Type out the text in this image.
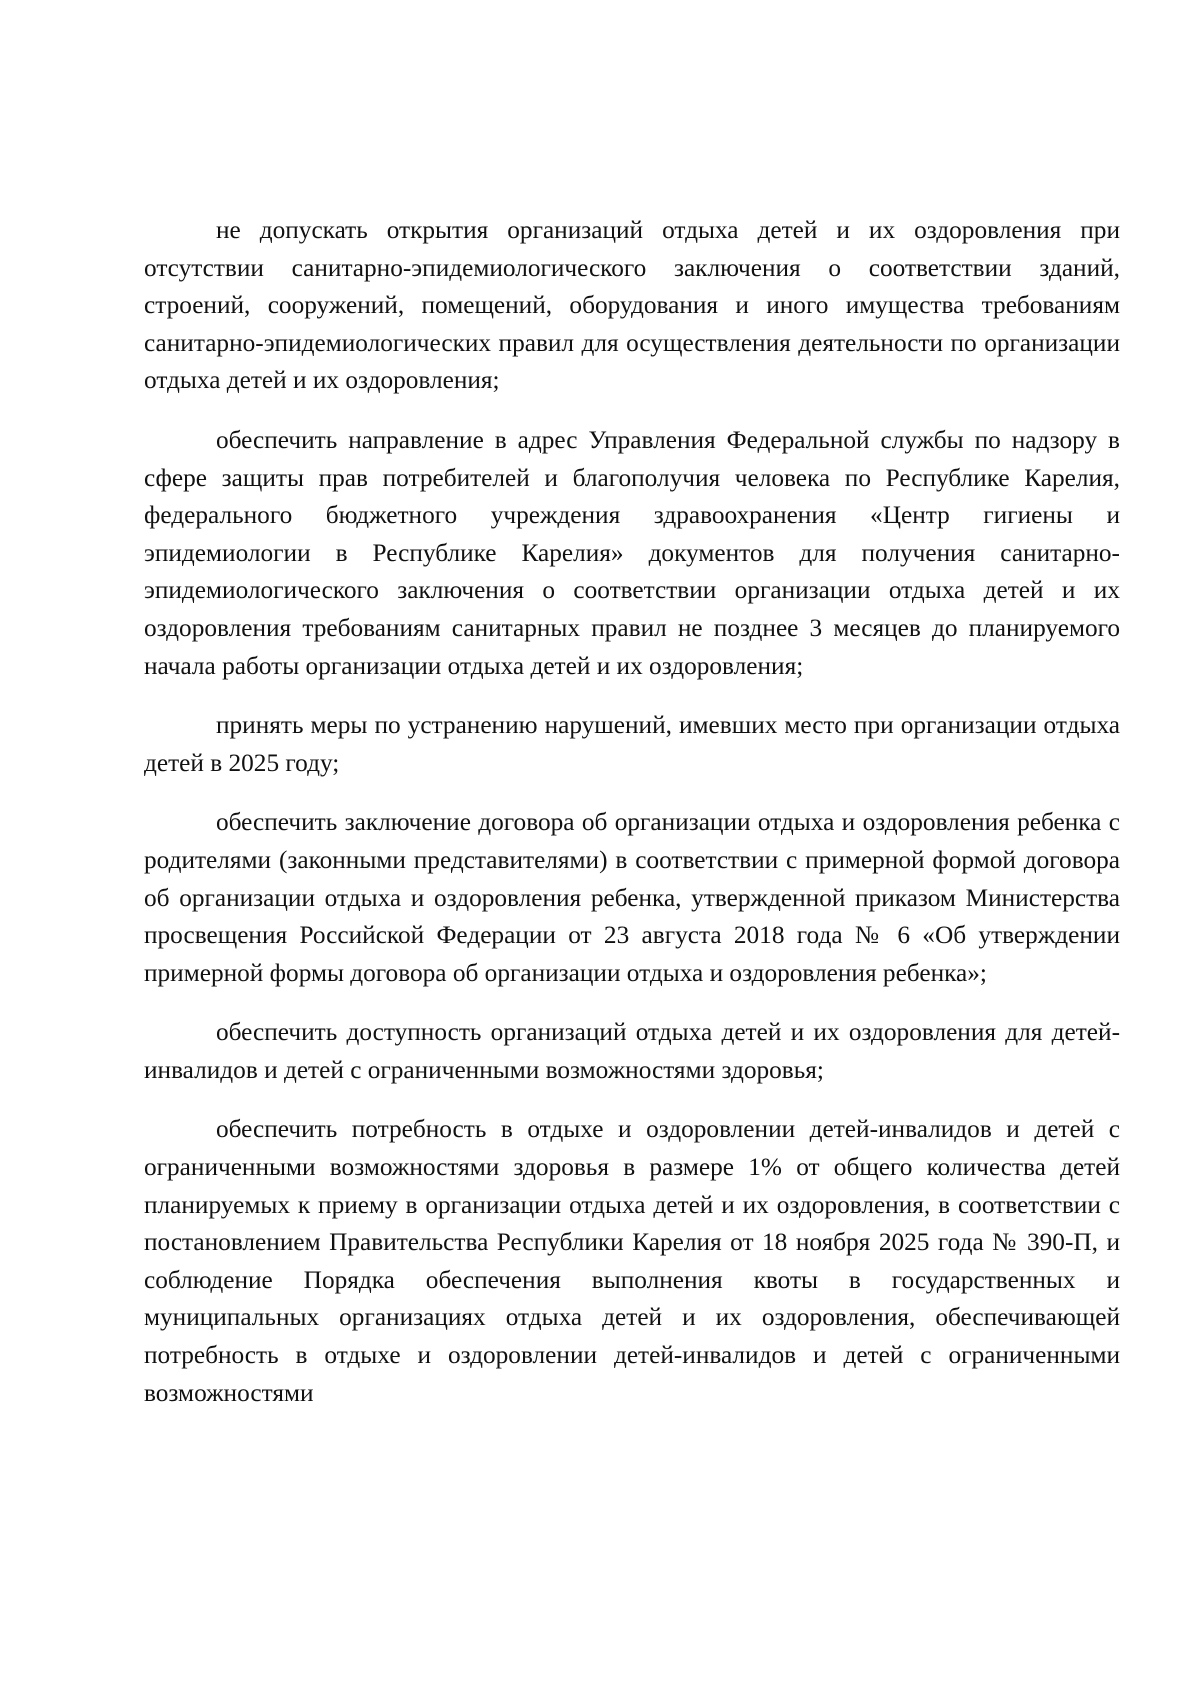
не допускать открытия организаций отдыха детей и их оздоровления при отсутствии санитарно-эпидемиологического заключения о соответствии зданий, строений, сооружений, помещений, оборудования и иного имущества требованиям санитарно-эпидемиологических правил для осуществления деятельности по организации отдыха детей и их оздоровления;

обеспечить направление в адрес Управления Федеральной службы по надзору в сфере защиты прав потребителей и благополучия человека по Республике Карелия, федерального бюджетного учреждения здравоохранения «Центр гигиены и эпидемиологии в Республике Карелия» документов для получения санитарно-эпидемиологического заключения о соответствии организации отдыха детей и их оздоровления требованиям санитарных правил не позднее 3 месяцев до планируемого начала работы организации отдыха детей и их оздоровления;

принять меры по устранению нарушений, имевших место при организации отдыха детей в 2025 году;

обеспечить заключение договора об организации отдыха и оздоровления ребенка с родителями (законными представителями) в соответствии с примерной формой договора об организации отдыха и оздоровления ребенка, утвержденной приказом Министерства просвещения Российской Федерации от 23 августа 2018 года № 6 «Об утверждении примерной формы договора об организации отдыха и оздоровления ребенка»;

обеспечить доступность организаций отдыха детей и их оздоровления для детей-инвалидов и детей с ограниченными возможностями здоровья;

обеспечить потребность в отдыхе и оздоровлении детей-инвалидов и детей с ограниченными возможностями здоровья в размере 1% от общего количества детей планируемых к приему в организации отдыха детей и их оздоровления, в соответствии с постановлением Правительства Республики Карелия от 18 ноября 2025 года № 390-П, и соблюдение Порядка обеспечения выполнения квоты в государственных и муниципальных организациях отдыха детей и их оздоровления, обеспечивающей потребность в отдыхе и оздоровлении детей-инвалидов и детей с ограниченными возможностями
